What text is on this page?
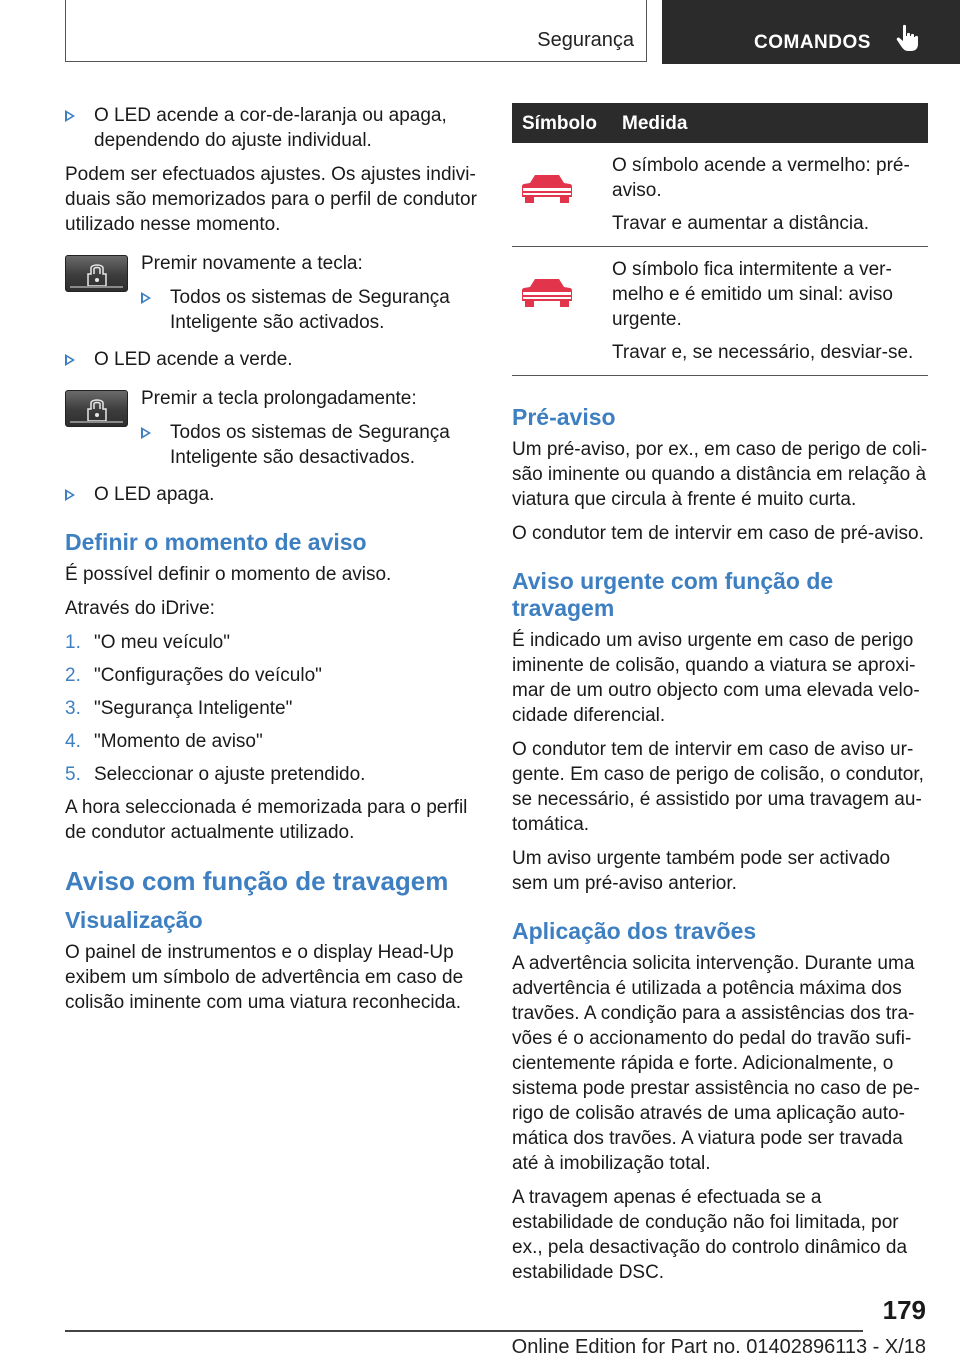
Segurança	COMANDOS
O LED acende a cor-de-laranja ou apaga, dependendo do ajuste individual.

Podem ser efectuados ajustes. Os ajustes individuais são memorizados para o perfil de condutor utilizado nesse momento.

Premir novamente a tecla:

Todos os sistemas de Segurança Inteligente são activados.
O LED acende a verde.

Premir a tecla prolongadamente:

Todos os sistemas de Segurança Inteligente são desactivados.
O LED apaga.
Definir o momento de aviso

É possível definir o momento de aviso.

Através do iDrive:

1. "O meu veículo"
2. "Configurações do veículo"
3. "Segurança Inteligente"
4. "Momento de aviso"
5. Seleccionar o ajuste pretendido.

A hora seleccionada é memorizada para o perfil de condutor actualmente utilizado.

Aviso com função de travagem
Visualização

O painel de instrumentos e o display Head-Up exibem um símbolo de advertência em caso de colisão iminente com uma viatura reconhecida.

Símbolo	Medida

O símbolo acende a vermelho: pré-aviso.

Travar e aumentar a distância.

O símbolo fica intermitente a vermelho e é emitido um sinal: aviso urgente.

Travar e, se necessário, desviar-se.

Pré-aviso

Um pré-aviso, por ex., em caso de perigo de colisão iminente ou quando a distância em relação à viatura que circula à frente é muito curta.

O condutor tem de intervir em caso de pré-aviso.

Aviso urgente com função de travagem

É indicado um aviso urgente em caso de perigo iminente de colisão, quando a viatura se aproximar de um outro objecto com uma elevada velocidade diferencial.

O condutor tem de intervir em caso de aviso urgente. Em caso de perigo de colisão, o condutor, se necessário, é assistido por uma travagem automática.

Um aviso urgente também pode ser activado sem um pré-aviso anterior.

Aplicação dos travões

A advertência solicita intervenção. Durante uma advertência é utilizada a potência máxima dos travões. A condição para a assistências dos travões é o accionamento do pedal do travão suficientemente rápida e forte. Adicionalmente, o sistema pode prestar assistência no caso de perigo de colisão através de uma aplicação automática dos travões. A viatura pode ser travada até à imobilização total.

A travagem apenas é efectuada se a estabilidade de condução não foi limitada, por ex., pela desactivação do controlo dinâmico da estabilidade DSC.

179
Online Edition for Part no. 01402896113 - X/18
